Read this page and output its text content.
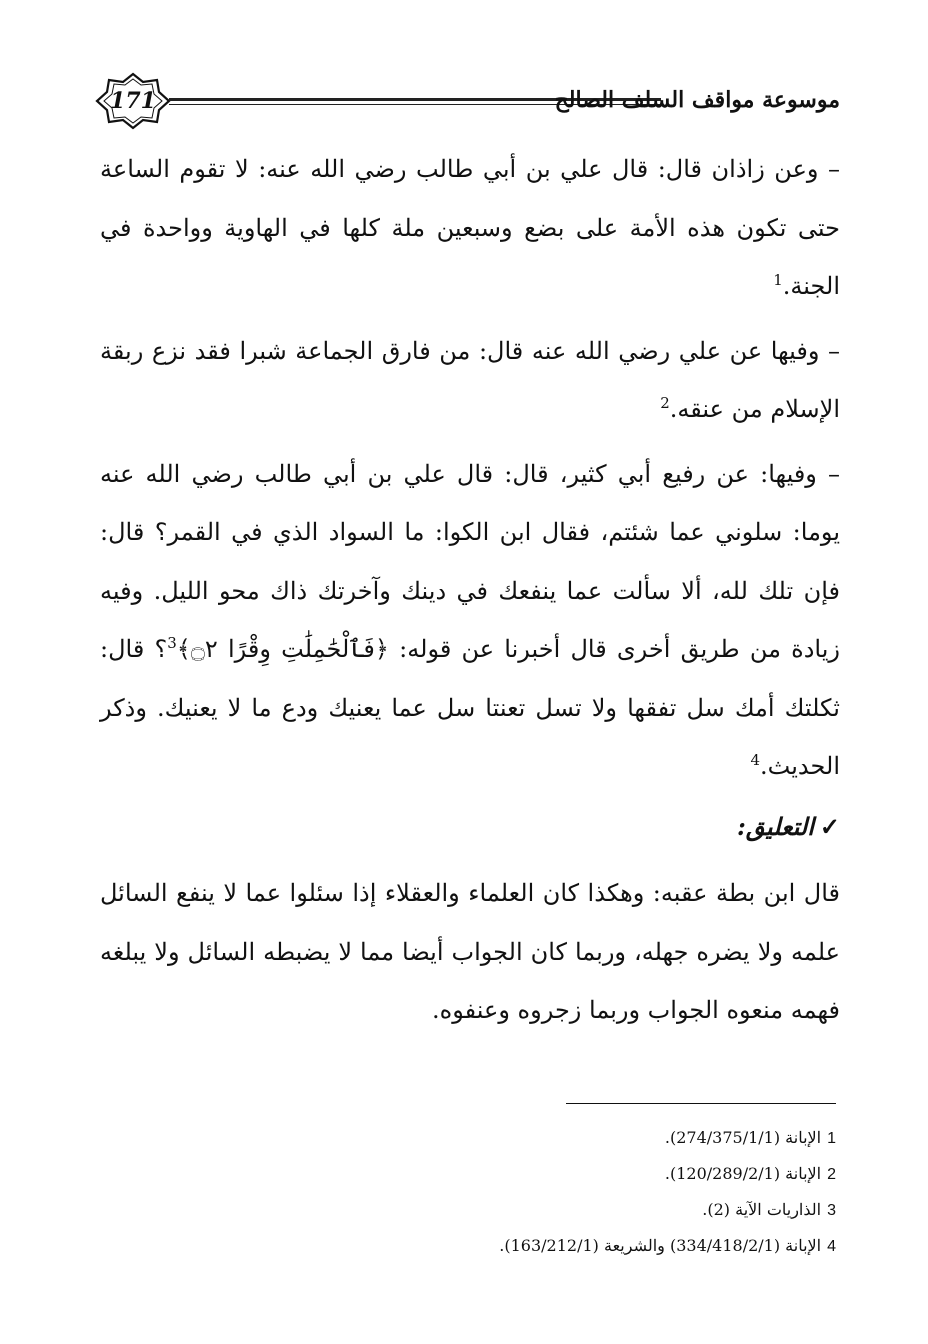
171	موسوعة مواقف السلف الصالح

– وعن زاذان قال: قال علي بن أبي طالب رضي الله عنه: لا تقوم الساعة حتى تكون هذه الأمة على بضع وسبعين ملة كلها في الهاوية وواحدة في الجنة.$^1$

– وفيها عن علي رضي الله عنه قال: من فارق الجماعة شبرا فقد نزع ربقة الإسلام من عنقه.$^2$

– وفيها: عن رفيع أبي كثير، قال: قال علي بن أبي طالب رضي الله عنه يوما: سلوني عما شئتم، فقال ابن الكوا: ما السواد الذي في القمر؟ قال: فإن تلك لله، ألا سألت عما ينفعك في دينك وآخرتك ذاك محو الليل. وفيه زيادة من طريق أخرى قال أخبرنا عن قوله: ﴿فَٱلْحَٰمِلَٰتِ وِقْرًا ۝٢﴾$^3$؟ قال: ثكلتك أمك سل تفقها ولا تسل تعنتا سل عما يعنيك ودع ما لا يعنيك. وذكر الحديث.$^4$

✓التعليق:

قال ابن بطة عقبه: وهكذا كان العلماء والعقلاء إذا سئلوا عما لا ينفع السائل علمه ولا يضره جهله، وربما كان الجواب أيضا مما لا يضبطه السائل ولا يبلغه فهمه منعوه الجواب وربما زجروه وعنفوه.

1الإبانة (274/375/1/1).
2الإبانة (120/289/2/1).
3الذاريات الآية (2).
4الإبانة (334/418/2/1) والشريعة (163/212/1).
